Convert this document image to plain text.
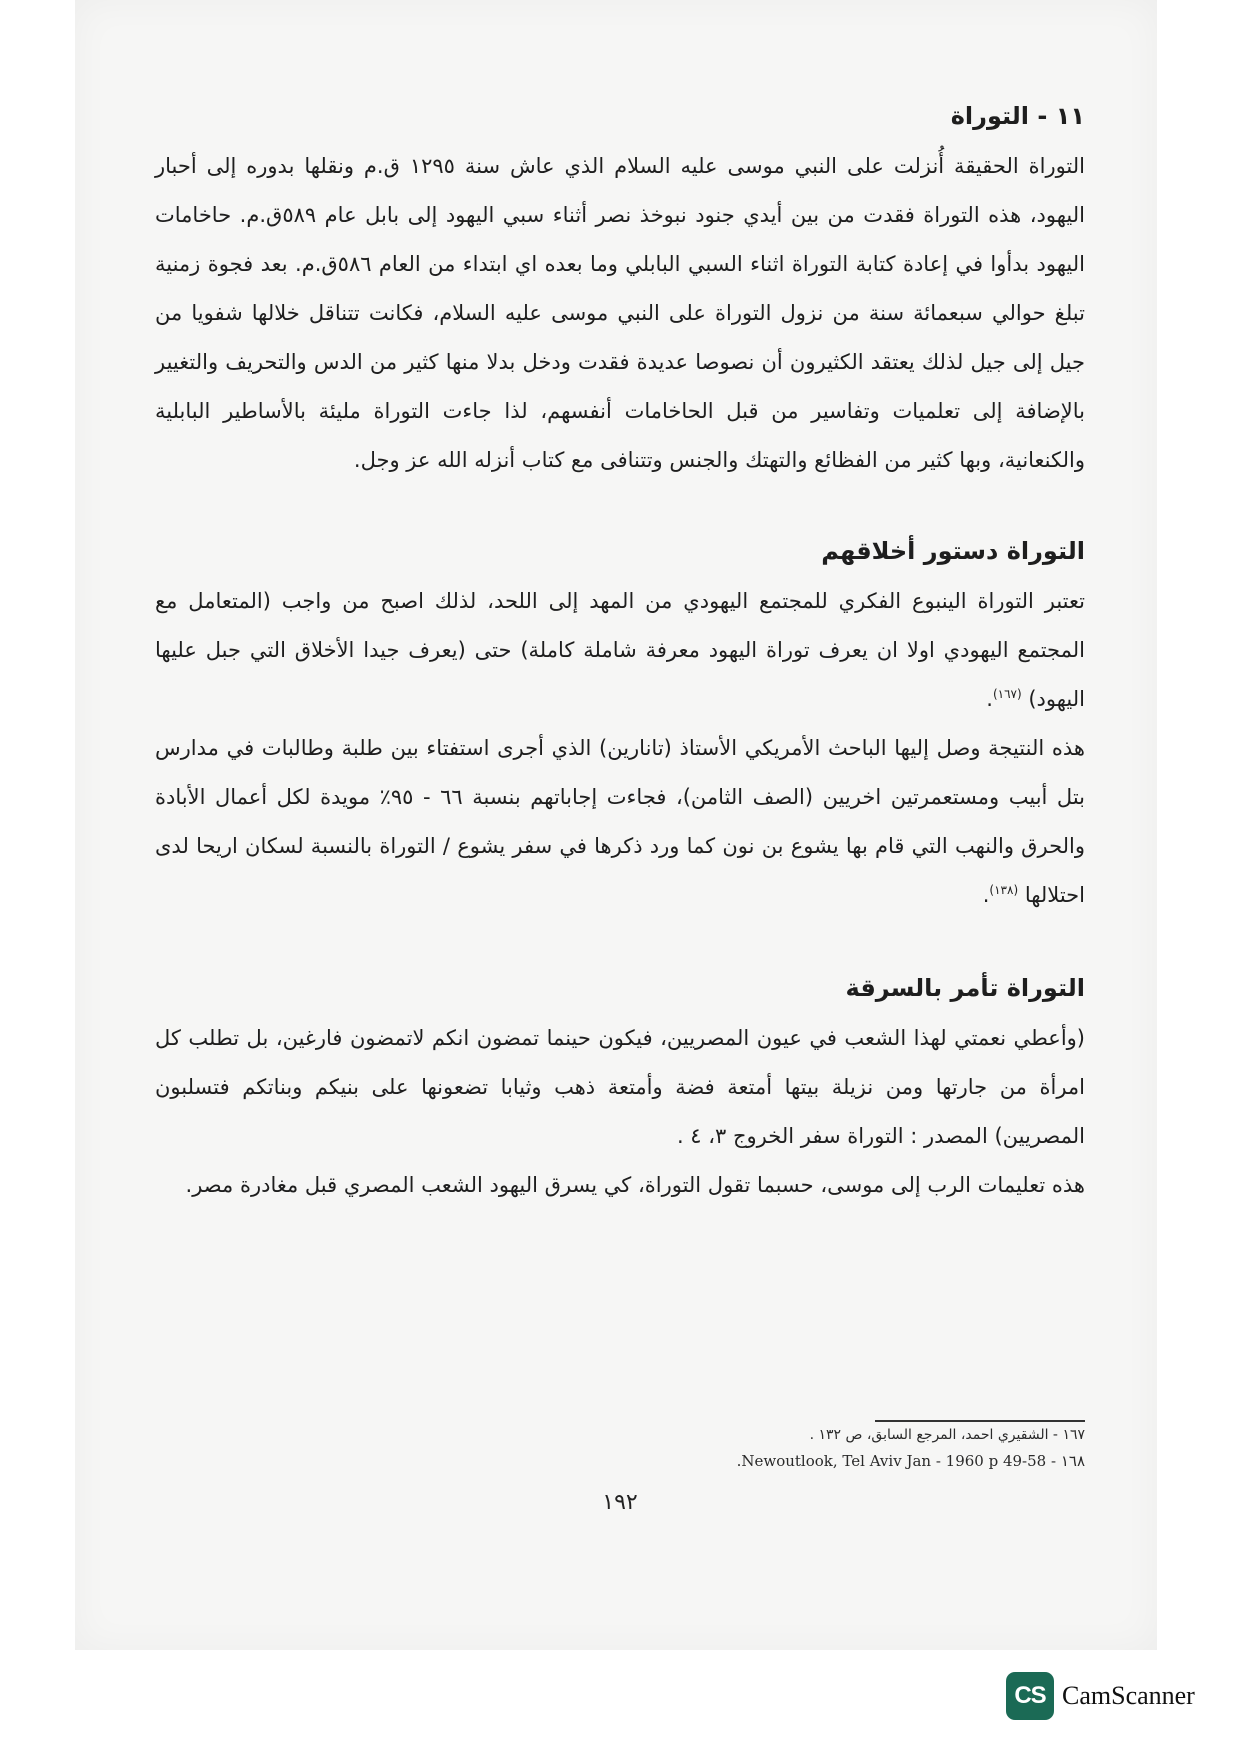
١١ - التوراة

التوراة الحقيقة أُنزلت على النبي موسى عليه السلام الذي عاش سنة ١٢٩٥ ق.م ونقلها بدوره إلى أحبار اليهود، هذه التوراة فقدت من بين أيدي جنود نبوخذ نصر أثناء سبي اليهود إلى بابل عام ٥٨٩ق.م. حاخامات اليهود بدأوا في إعادة كتابة التوراة اثناء السبي البابلي وما بعده اي ابتداء من العام ٥٨٦ق.م. بعد فجوة زمنية تبلغ حوالي سبعمائة سنة من نزول التوراة على النبي موسى عليه السلام، فكانت تتناقل خلالها شفويا من جيل إلى جيل لذلك يعتقد الكثيرون أن نصوصا عديدة فقدت ودخل بدلا منها كثير من الدس والتحريف والتغيير بالإضافة إلى تعلميات وتفاسير من قبل الحاخامات أنفسهم، لذا جاءت التوراة مليئة بالأساطير البابلية والكنعانية، وبها كثير من الفظائع والتهتك والجنس وتتنافى مع كتاب أنزله الله عز وجل.

التوراة دستور أخلاقهم

تعتبر التوراة الينبوع الفكري للمجتمع اليهودي من المهد إلى اللحد، لذلك اصبح من واجب (المتعامل مع المجتمع اليهودي اولا ان يعرف توراة اليهود معرفة شاملة كاملة) حتى (يعرف جيدا الأخلاق التي جبل عليها اليهود) $^{(١٦٧)}$.

هذه النتيجة وصل إليها الباحث الأمريكي الأستاذ (تانارين) الذي أجرى استفتاء بين طلبة وطالبات في مدارس بتل أبيب ومستعمرتين اخريين (الصف الثامن)، فجاءت إجاباتهم بنسبة ٦٦ - ٩٥٪ مويدة لكل أعمال الأبادة والحرق والنهب التي قام بها يشوع بن نون كما ورد ذكرها في سفر يشوع / التوراة بالنسبة لسكان اريحا لدى احتلالها $^{(١٣٨)}$.

التوراة تأمر بالسرقة

(وأعطي نعمتي لهذا الشعب في عيون المصريين، فيكون حينما تمضون انكم لاتمضون فارغين، بل تطلب كل امرأة من جارتها ومن نزيلة بيتها أمتعة فضة وأمتعة ذهب وثيابا تضعونها على بنيكم وبناتكم فتسلبون المصريين) المصدر : التوراة سفر الخروج ٣، ٤ .

هذه تعليمات الرب إلى موسى، حسبما تقول التوراة، كي يسرق اليهود الشعب المصري قبل مغادرة مصر.

١٦٧ - الشقيري احمد، المرجع السابق، ص ١٣٢ .

١٦٨ - Newoutlook, Tel Aviv Jan - 1960 p 49-58.

١٩٢
CS CamScanner
